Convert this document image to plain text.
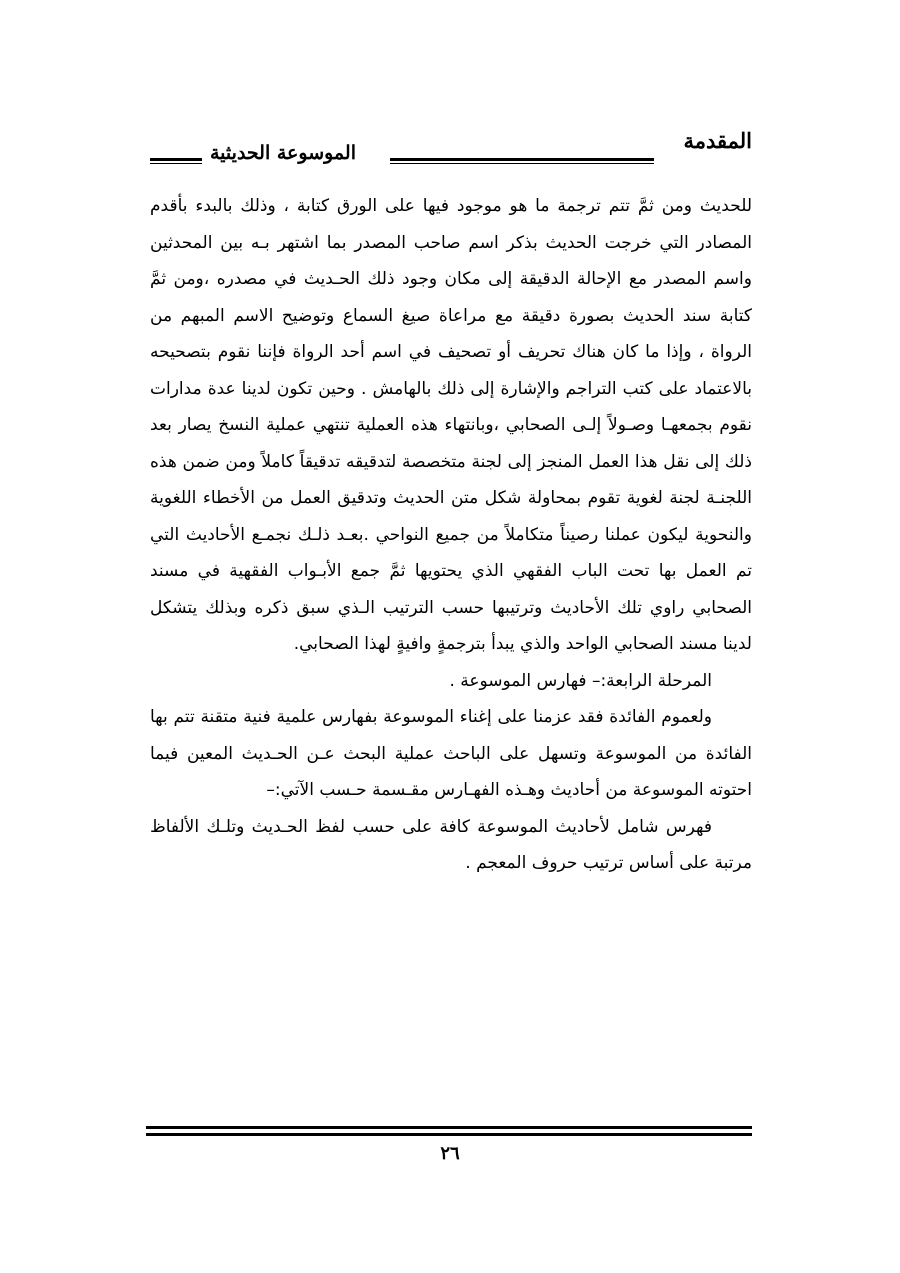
المقدمة
الموسوعة الحديثية

للحديث ومن ثمَّ تتم ترجمة ما هو موجود فيها على الورق كتابة ، وذلك بالبدء بأقدم المصادر التي خرجت الحديث بذكر اسم صاحب المصدر بما اشتهر بـه بين المحدثين واسم المصدر مع الإحالة الدقيقة إلى مكان وجود ذلك الحـديث في مصدره ،ومن ثمَّ كتابة سند الحديث بصورة دقيقة مع مراعاة صيغ السماع وتوضيح الاسم المبهم من الرواة ، وإذا ما كان هناك تحريف أو تصحيف في اسم أحد الرواة فإننا نقوم بتصحيحه بالاعتماد على كتب التراجم والإشارة إلى ذلك بالهامش . وحين تكون لدينا عدة مدارات نقوم بجمعهـا وصـولاً إلـى الصحابي ،وبانتهاء هذه العملية تنتهي عملية النسخ يصار بعد ذلك إلى نقل هذا العمل المنجز إلى لجنة متخصصة لتدقيقه تدقيقاً كاملاً ومن ضمن هذه اللجنـة لجنة لغوية تقوم بمحاولة شكل متن الحديث وتدقيق العمل من الأخطاء اللغوية والنحوية ليكون عملنا رصيناً متكاملاً من جميع النواحي .بعـد ذلـك نجمـع الأحاديث التي تم العمل بها تحت الباب الفقهي الذي يحتويها ثمَّ جمع الأبـواب الفقهية في مسند الصحابي راوي تلك الأحاديث وترتيبها حسب الترتيب الـذي سبق ذكره وبذلك يتشكل لدينا مسند الصحابي الواحد والذي يبدأ بترجمةٍ وافيةٍ لهذا الصحابي.

المرحلة الرابعة:– فهارس الموسوعة .

ولعموم الفائدة فقد عزمنا على إغناء الموسوعة بفهارس علمية فنية متقنة تتم بها الفائدة من الموسوعة وتسهل على الباحث عملية البحث عـن الحـديث المعين فيما احتوته الموسوعة من أحاديث وهـذه الفهـارس مقـسمة حـسب الآتي:–

فهرس شامل لأحاديث الموسوعة كافة على حسب لفظ الحـديث وتلـك الألفاظ مرتبة على أساس ترتيب حروف المعجم .

٢٦
